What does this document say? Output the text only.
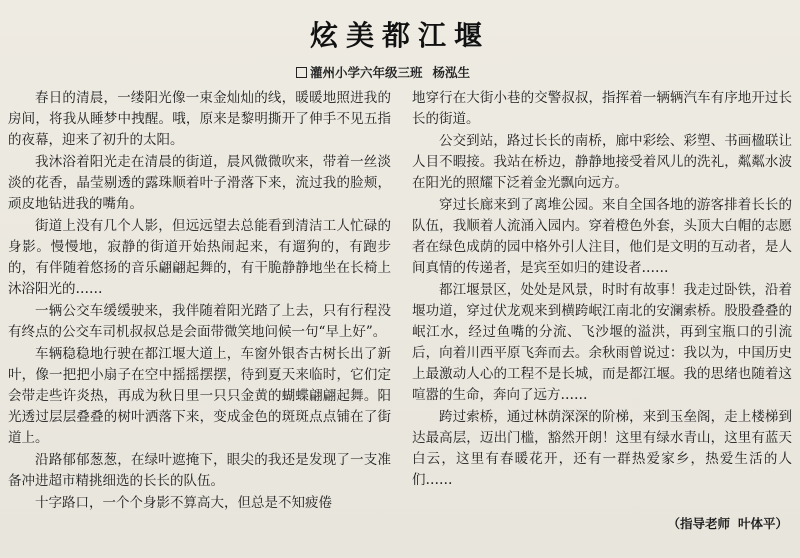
炫美都江堰
灌州小学六年级三班 杨泓生

春日的清晨，一缕阳光像一束金灿灿的线，暖暖地照进我的房间，将我从睡梦中拽醒。哦，原来是黎明撕开了伸手不见五指的夜幕，迎来了初升的太阳。

我沐浴着阳光走在清晨的街道，晨风微微吹来，带着一丝淡淡的花香，晶莹剔透的露珠顺着叶子滑落下来，流过我的脸颊，顽皮地钻进我的嘴角。

街道上没有几个人影，但远远望去总能看到清洁工人忙碌的身影。慢慢地，寂静的街道开始热闹起来，有遛狗的，有跑步的，有伴随着悠扬的音乐翩翩起舞的，有干脆静静地坐在长椅上沐浴阳光的……

一辆公交车缓缓驶来，我伴随着阳光踏了上去，只有行程没有终点的公交车司机叔叔总是会面带微笑地问候一句“早上好”。

车辆稳稳地行驶在都江堰大道上，车窗外银杏古树长出了新叶，像一把把小扇子在空中摇摇摆摆，待到夏天来临时，它们定会带走些许炎热，再成为秋日里一只只金黄的蝴蝶翩翩起舞。阳光透过层层叠叠的树叶洒落下来，变成金色的斑斑点点铺在了街道上。

沿路郁郁葱葱，在绿叶遮掩下，眼尖的我还是发现了一支准备冲进超市精挑细选的长长的队伍。

十字路口，一个个身影不算高大，但总是不知疲倦

地穿行在大街小巷的交警叔叔，指挥着一辆辆汽车有序地开过长长的街道。

公交到站，路过长长的南桥，廊中彩绘、彩塑、书画楹联让人目不暇接。我站在桥边，静静地接受着风儿的洗礼，粼粼水波在阳光的照耀下泛着金光飘向远方。

穿过长廊来到了离堆公园。来自全国各地的游客排着长长的队伍，我顺着人流涌入园内。穿着橙色外套，头顶大白帽的志愿者在绿色成荫的园中格外引人注目，他们是文明的互动者，是人间真情的传递者，是宾至如归的建设者……

都江堰景区，处处是风景，时时有故事！我走过卧铁，沿着堰功道，穿过伏龙观来到横跨岷江南北的安澜索桥。股股叠叠的岷江水，经过鱼嘴的分流、飞沙堰的溢洪，再到宝瓶口的引流后，向着川西平原飞奔而去。余秋雨曾说过：我以为，中国历史上最激动人心的工程不是长城，而是都江堰。我的思绪也随着这喧嚣的生命，奔向了远方……

跨过索桥，通过林荫深深的阶梯，来到玉垒阁，走上楼梯到达最高层，迈出门槛，豁然开朗！这里有绿水青山，这里有蓝天白云，这里有春暖花开，还有一群热爱家乡，热爱生活的人们……

（指导老师 叶体平）
